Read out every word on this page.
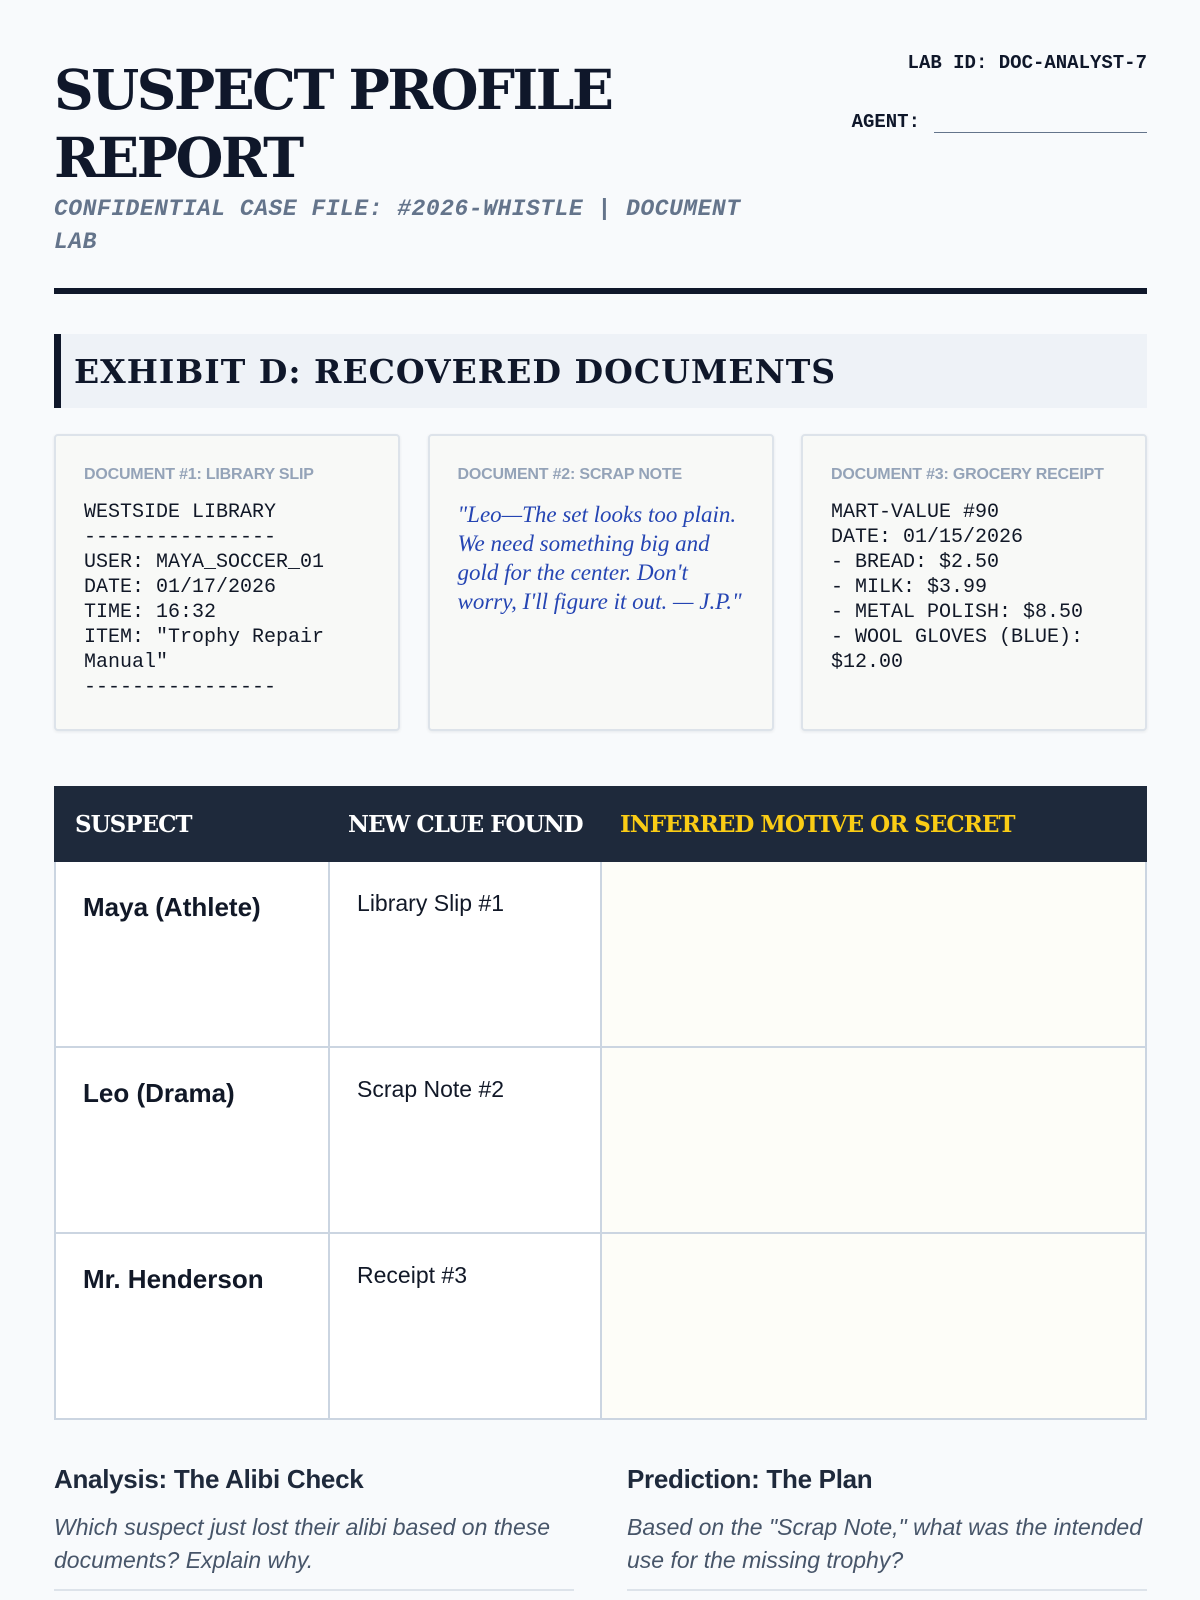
SUSPECT PROFILE REPORT
CONFIDENTIAL CASE FILE: #2026-WHISTLE | DOCUMENT LAB
LAB ID: DOC-ANALYST-7
AGENT:
EXHIBIT D: RECOVERED DOCUMENTS
DOCUMENT #1: LIBRARY SLIP
WESTSIDE LIBRARY
----------------
USER: MAYA_SOCCER_01
DATE: 01/17/2026
TIME: 16:32
ITEM: "Trophy Repair Manual"
----------------
DOCUMENT #2: SCRAP NOTE
"Leo—The set looks too plain. We need something big and gold for the center. Don't worry, I'll figure it out. — J.P."
DOCUMENT #3: GROCERY RECEIPT
MART-VALUE #90
DATE: 01/15/2026
- BREAD: $2.50
- MILK: $3.99
- METAL POLISH: $8.50
- WOOL GLOVES (BLUE): $12.00
SUSPECT	NEW CLUE FOUND	INFERRED MOTIVE OR SECRET
Maya (Athlete)	Library Slip #1
Leo (Drama)	Scrap Note #2
Mr. Henderson	Receipt #3
Analysis: The Alibi Check

Which suspect just lost their alibi based on these documents? Explain why.

Prediction: The Plan

Based on the "Scrap Note," what was the intended use for the missing trophy?
